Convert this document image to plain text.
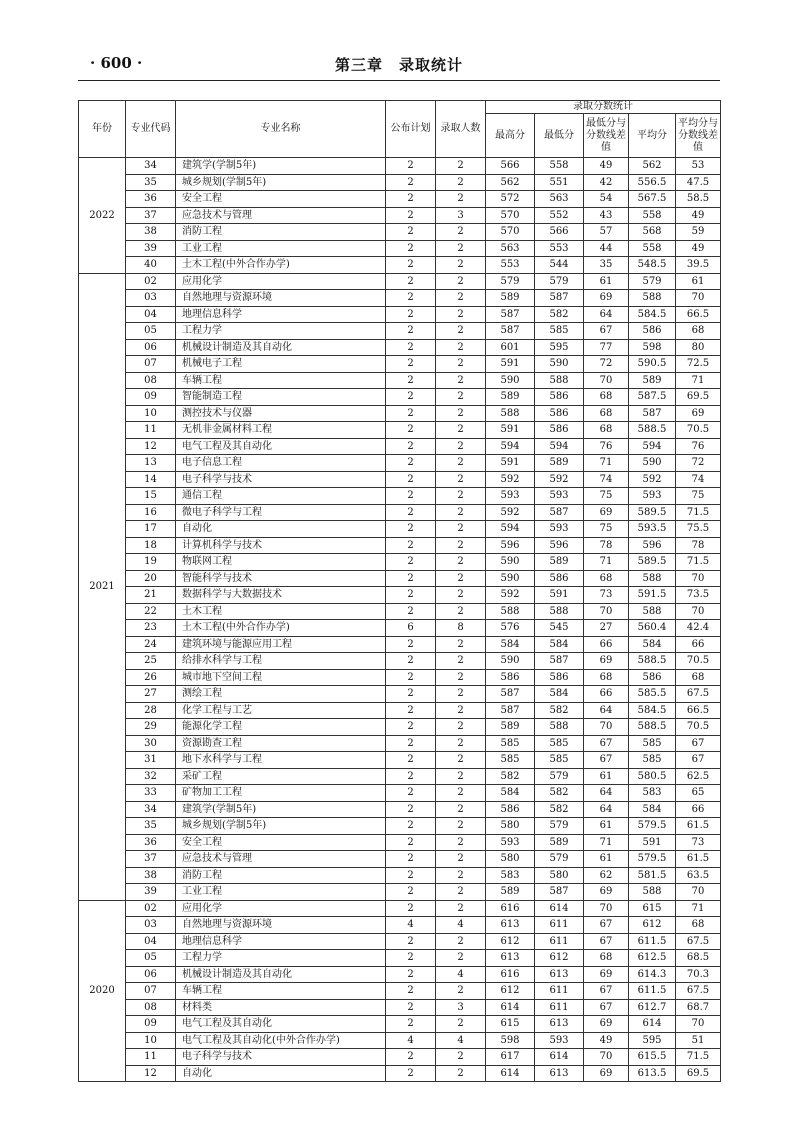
· 600 ·	第三章　录取统计
年份	专业代码	专业名称	公布计划	录取人数	录取分数统计				
					最高分	最低分	最低分与分数线差值	平均分	平均分与分数线差值
2022	34	建筑学(学制5年)	2	2	566	558	49	562	53
	35	城乡规划(学制5年)	2	2	562	551	42	556.5	47.5
	36	安全工程	2	2	572	563	54	567.5	58.5
	37	应急技术与管理	2	3	570	552	43	558	49
	38	消防工程	2	2	570	566	57	568	59
	39	工业工程	2	2	563	553	44	558	49
	40	土木工程(中外合作办学)	2	2	553	544	35	548.5	39.5
2021	02	应用化学	2	2	579	579	61	579	61
	03	自然地理与资源环境	2	2	589	587	69	588	70
	04	地理信息科学	2	2	587	582	64	584.5	66.5
	05	工程力学	2	2	587	585	67	586	68
	06	机械设计制造及其自动化	2	2	601	595	77	598	80
	07	机械电子工程	2	2	591	590	72	590.5	72.5
	08	车辆工程	2	2	590	588	70	589	71
	09	智能制造工程	2	2	589	586	68	587.5	69.5
	10	测控技术与仪器	2	2	588	586	68	587	69
	11	无机非金属材料工程	2	2	591	586	68	588.5	70.5
	12	电气工程及其自动化	2	2	594	594	76	594	76
	13	电子信息工程	2	2	591	589	71	590	72
	14	电子科学与技术	2	2	592	592	74	592	74
	15	通信工程	2	2	593	593	75	593	75
	16	微电子科学与工程	2	2	592	587	69	589.5	71.5
	17	自动化	2	2	594	593	75	593.5	75.5
	18	计算机科学与技术	2	2	596	596	78	596	78
	19	物联网工程	2	2	590	589	71	589.5	71.5
	20	智能科学与技术	2	2	590	586	68	588	70
	21	数据科学与大数据技术	2	2	592	591	73	591.5	73.5
	22	土木工程	2	2	588	588	70	588	70
	23	土木工程(中外合作办学)	6	8	576	545	27	560.4	42.4
	24	建筑环境与能源应用工程	2	2	584	584	66	584	66
	25	给排水科学与工程	2	2	590	587	69	588.5	70.5
	26	城市地下空间工程	2	2	586	586	68	586	68
	27	测绘工程	2	2	587	584	66	585.5	67.5
	28	化学工程与工艺	2	2	587	582	64	584.5	66.5
	29	能源化学工程	2	2	589	588	70	588.5	70.5
	30	资源勘查工程	2	2	585	585	67	585	67
	31	地下水科学与工程	2	2	585	585	67	585	67
	32	采矿工程	2	2	582	579	61	580.5	62.5
	33	矿物加工工程	2	2	584	582	64	583	65
	34	建筑学(学制5年)	2	2	586	582	64	584	66
	35	城乡规划(学制5年)	2	2	580	579	61	579.5	61.5
	36	安全工程	2	2	593	589	71	591	73
	37	应急技术与管理	2	2	580	579	61	579.5	61.5
	38	消防工程	2	2	583	580	62	581.5	63.5
	39	工业工程	2	2	589	587	69	588	70
2020	02	应用化学	2	2	616	614	70	615	71
	03	自然地理与资源环境	4	4	613	611	67	612	68
	04	地理信息科学	2	2	612	611	67	611.5	67.5
	05	工程力学	2	2	613	612	68	612.5	68.5
	06	机械设计制造及其自动化	2	4	616	613	69	614.3	70.3
	07	车辆工程	2	2	612	611	67	611.5	67.5
	08	材料类	2	3	614	611	67	612.7	68.7
	09	电气工程及其自动化	2	2	615	613	69	614	70
	10	电气工程及其自动化(中外合作办学)	4	4	598	593	49	595	51
	11	电子科学与技术	2	2	617	614	70	615.5	71.5
	12	自动化	2	2	614	613	69	613.5	69.5
